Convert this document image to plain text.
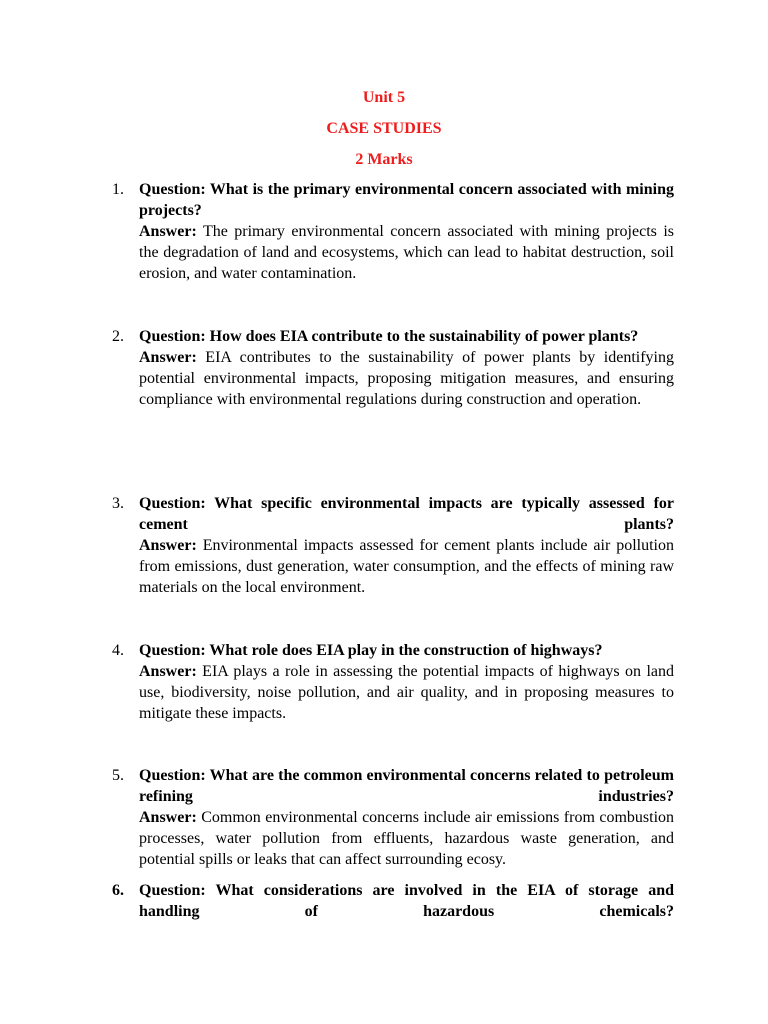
Unit 5
CASE STUDIES
2 Marks
1. Question: What is the primary environmental concern associated with mining projects?
Answer: The primary environmental concern associated with mining projects is the degradation of land and ecosystems, which can lead to habitat destruction, soil erosion, and water contamination.
2. Question: How does EIA contribute to the sustainability of power plants?
Answer: EIA contributes to the sustainability of power plants by identifying potential environmental impacts, proposing mitigation measures, and ensuring compliance with environmental regulations during construction and operation.
3. Question: What specific environmental impacts are typically assessed for cement plants?
Answer: Environmental impacts assessed for cement plants include air pollution from emissions, dust generation, water consumption, and the effects of mining raw materials on the local environment.
4. Question: What role does EIA play in the construction of highways?
Answer: EIA plays a role in assessing the potential impacts of highways on land use, biodiversity, noise pollution, and air quality, and in proposing measures to mitigate these impacts.
5. Question: What are the common environmental concerns related to petroleum refining industries?
Answer: Common environmental concerns include air emissions from combustion processes, water pollution from effluents, hazardous waste generation, and potential spills or leaks that can affect surrounding ecosy.
6. Question: What considerations are involved in the EIA of storage and handling of hazardous chemicals?
